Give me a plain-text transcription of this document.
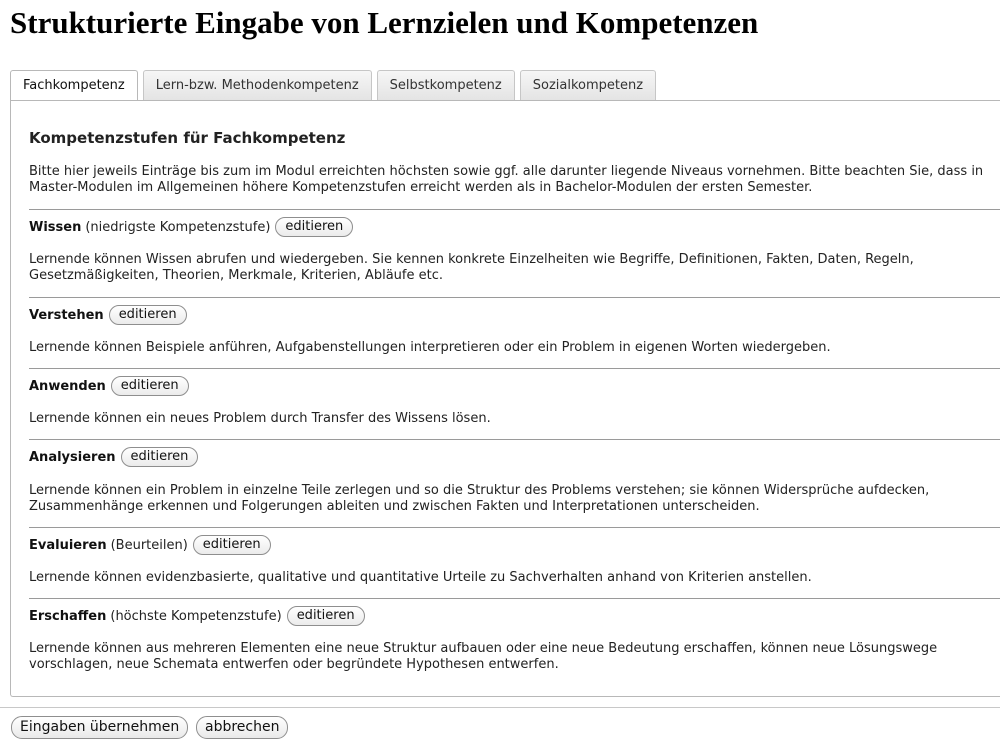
Strukturierte Eingabe von Lernzielen und Kompetenzen
Fachkompetenz	Lern-bzw. Methodenkompetenz	Selbstkompetenz	Sozialkompetenz
Kompetenzstufen für Fachkompetenz

Bitte hier jeweils Einträge bis zum im Modul erreichten höchsten sowie ggf. alle darunter liegende Niveaus vornehmen. Bitte beachten Sie, dass in Master-Modulen im Allgemeinen höhere Kompetenzstufen erreicht werden als in Bachelor-Modulen der ersten Semester.

Wissen (niedrigste Kompetenzstufe)	editieren

Lernende können Wissen abrufen und wiedergeben. Sie kennen konkrete Einzelheiten wie Begriffe, Definitionen, Fakten, Daten, Regeln, Gesetzmäßigkeiten, Theorien, Merkmale, Kriterien, Abläufe etc.

Verstehen	editieren

Lernende können Beispiele anführen, Aufgabenstellungen interpretieren oder ein Problem in eigenen Worten wiedergeben.

Anwenden	editieren

Lernende können ein neues Problem durch Transfer des Wissens lösen.

Analysieren	editieren

Lernende können ein Problem in einzelne Teile zerlegen und so die Struktur des Problems verstehen; sie können Widersprüche aufdecken, Zusammenhänge erkennen und Folgerungen ableiten und zwischen Fakten und Interpretationen unterscheiden.

Evaluieren (Beurteilen)	editieren

Lernende können evidenzbasierte, qualitative und quantitative Urteile zu Sachverhalten anhand von Kriterien anstellen.

Erschaffen (höchste Kompetenzstufe)	editieren

Lernende können aus mehreren Elementen eine neue Struktur aufbauen oder eine neue Bedeutung erschaffen, können neue Lösungswege vorschlagen, neue Schemata entwerfen oder begründete Hypothesen entwerfen.

Eingaben übernehmen	abbrechen
